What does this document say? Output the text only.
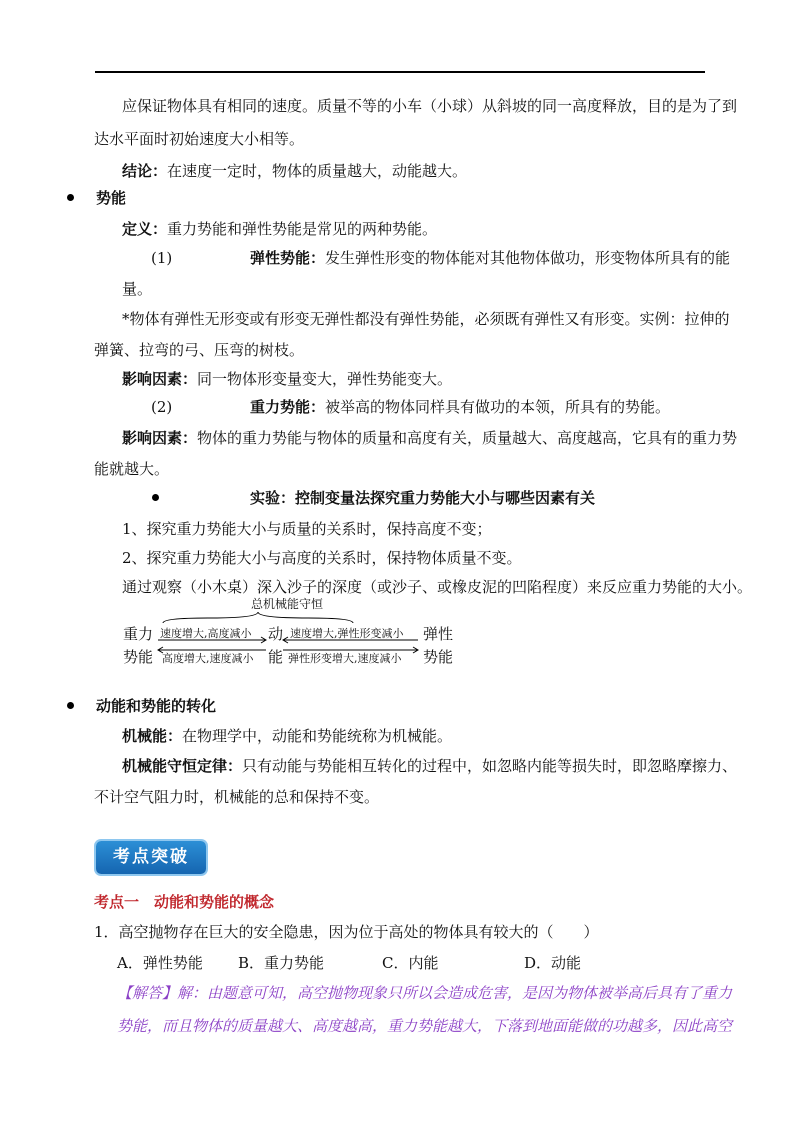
应保证物体具有相同的速度。质量不等的小车（小球）从斜坡的同一高度释放，目的是为了到
达水平面时初始速度大小相等。
结论：在速度一定时，物体的质量越大，动能越大。
势能
定义：重力势能和弹性势能是常见的两种势能。
(1)	弹性势能：发生弹性形变的物体能对其他物体做功，形变物体所具有的能
量。
*物体有弹性无形变或有形变无弹性都没有弹性势能，必须既有弹性又有形变。实例：拉伸的
弹簧、拉弯的弓、压弯的树枝。
影响因素：同一物体形变量变大，弹性势能变大。
(2)	重力势能：被举高的物体同样具有做功的本领，所具有的势能。
影响因素：物体的重力势能与物体的质量和高度有关，质量越大、高度越高，它具有的重力势
能就越大。
实验：控制变量法探究重力势能大小与哪些因素有关
1、探究重力势能大小与质量的关系时，保持高度不变；
2、探究重力势能大小与高度的关系时，保持物体质量不变。
通过观察（小木桌）深入沙子的深度（或沙子、或橡皮泥的凹陷程度）来反应重力势能的大小。
总机械能守恒
重力
势能
动
能
弹性
势能
速度增大,高度减小
高度增大,速度减小
速度增大,弹性形变减小
弹性形变增大,速度减小
动能和势能的转化
机械能：在物理学中，动能和势能统称为机械能。
机械能守恒定律：只有动能与势能相互转化的过程中，如忽略内能等损失时，即忽略摩擦力、
不计空气阻力时，机械能的总和保持不变。
考点突破
考点一　动能和势能的概念
1．高空抛物存在巨大的安全隐患，因为位于高处的物体具有较大的（　　）
A．弹性势能 B．重力势能	C．内能	D．动能
【解答】解：由题意可知，高空抛物现象只所以会造成危害，是因为物体被举高后具有了重力
势能，而且物体的质量越大、高度越高，重力势能越大，下落到地面能做的功越多，因此高空
